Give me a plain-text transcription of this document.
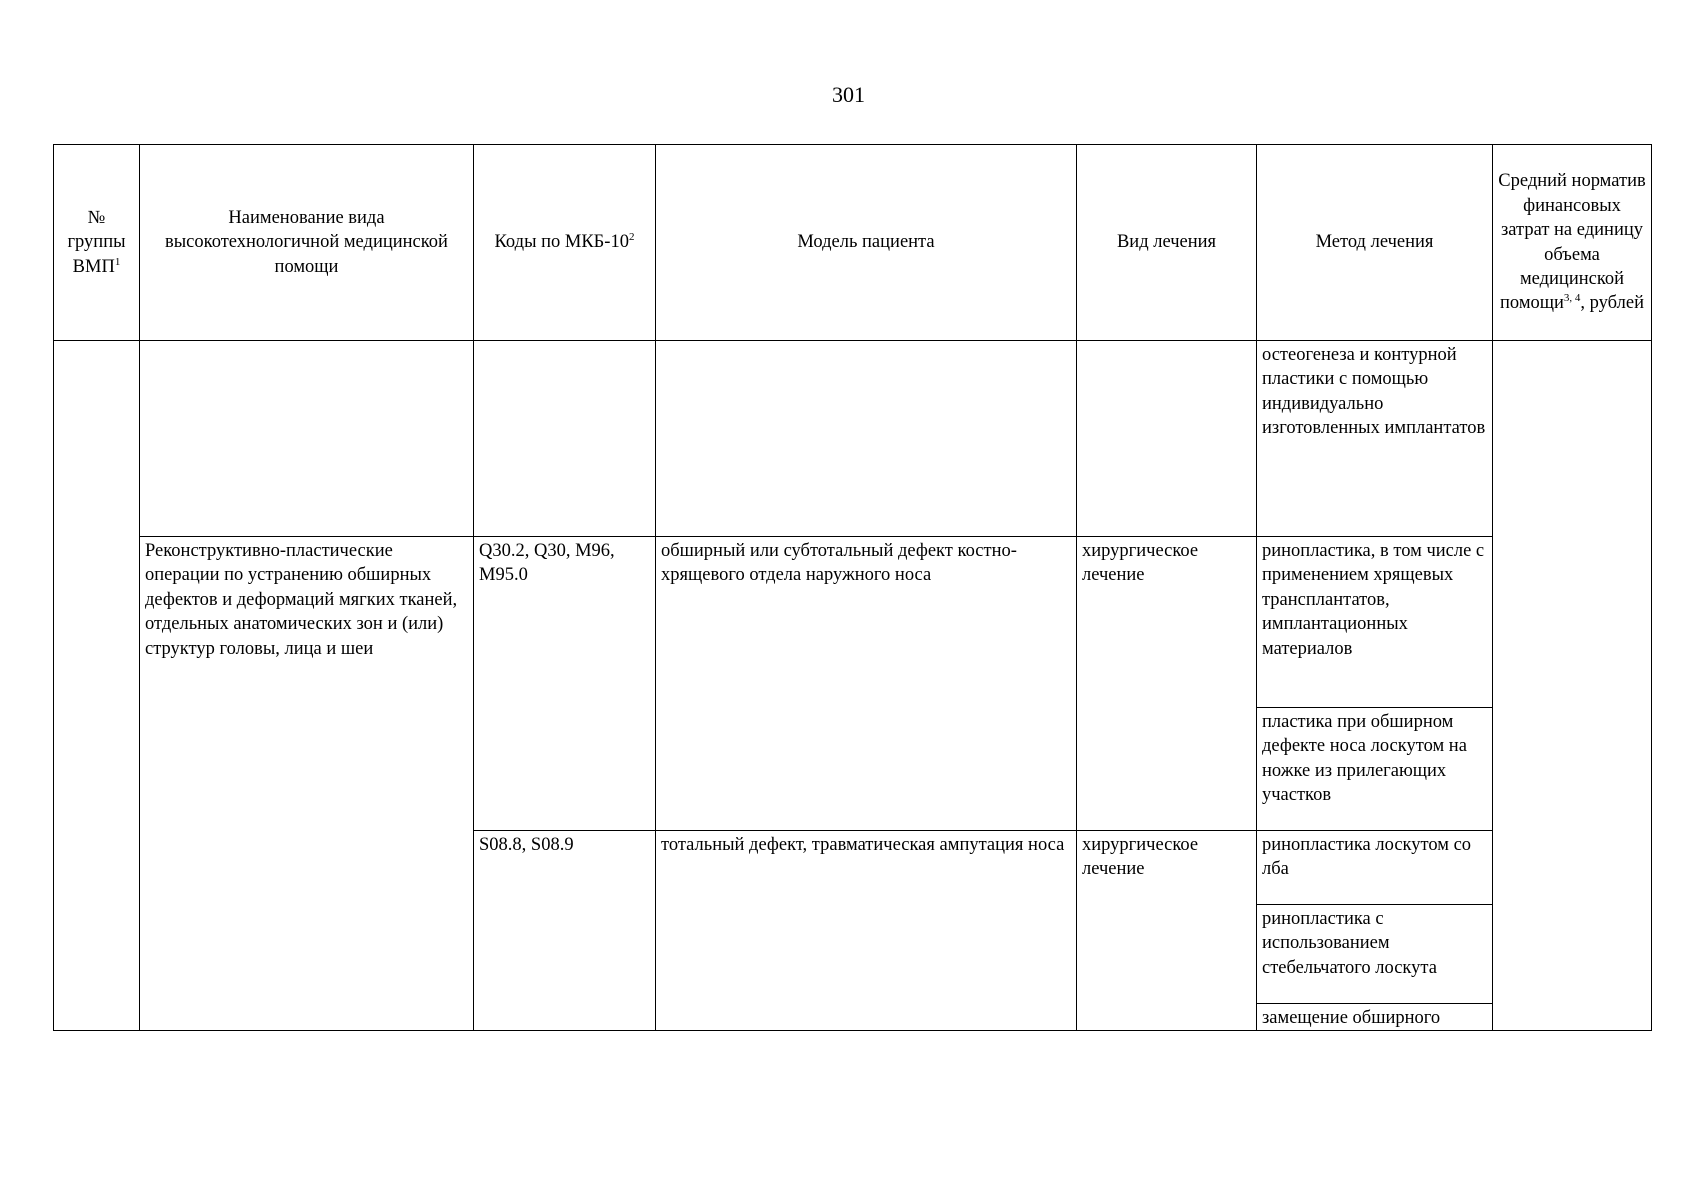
301
№ группы ВМП$^1$	Наименование вида высокотехнологичной медицинской помощи	Коды по МКБ-$10^2$	Модель пациента	Вид лечения	Метод лечения	Средний норматив финансовых затрат на единицу объема медицинской помощи$^{3, 4}$, рублей
					остеогенеза и контурной пластики с помощью индивидуально изготовленных имплантатов	
	Реконструктивно-пластические операции по устранению обширных дефектов и деформаций мягких тканей, отдельных анатомических зон и (или) структур головы, лица и шеи	Q30.2, Q30, M96, M95.0	обширный или субтотальный дефект костно-хрящевого отдела наружного носа	хирургическое лечение	ринопластика, в том числе с применением хрящевых трансплантатов, имплантационных материалов	
					пластика при обширном дефекте носа лоскутом на ножке из прилегающих участков	
		S08.8, S08.9	тотальный дефект, травматическая ампутация носа	хирургическое лечение	ринопластика лоскутом со лба	
					ринопластика с использованием стебельчатого лоскута	
					замещение обширного	
